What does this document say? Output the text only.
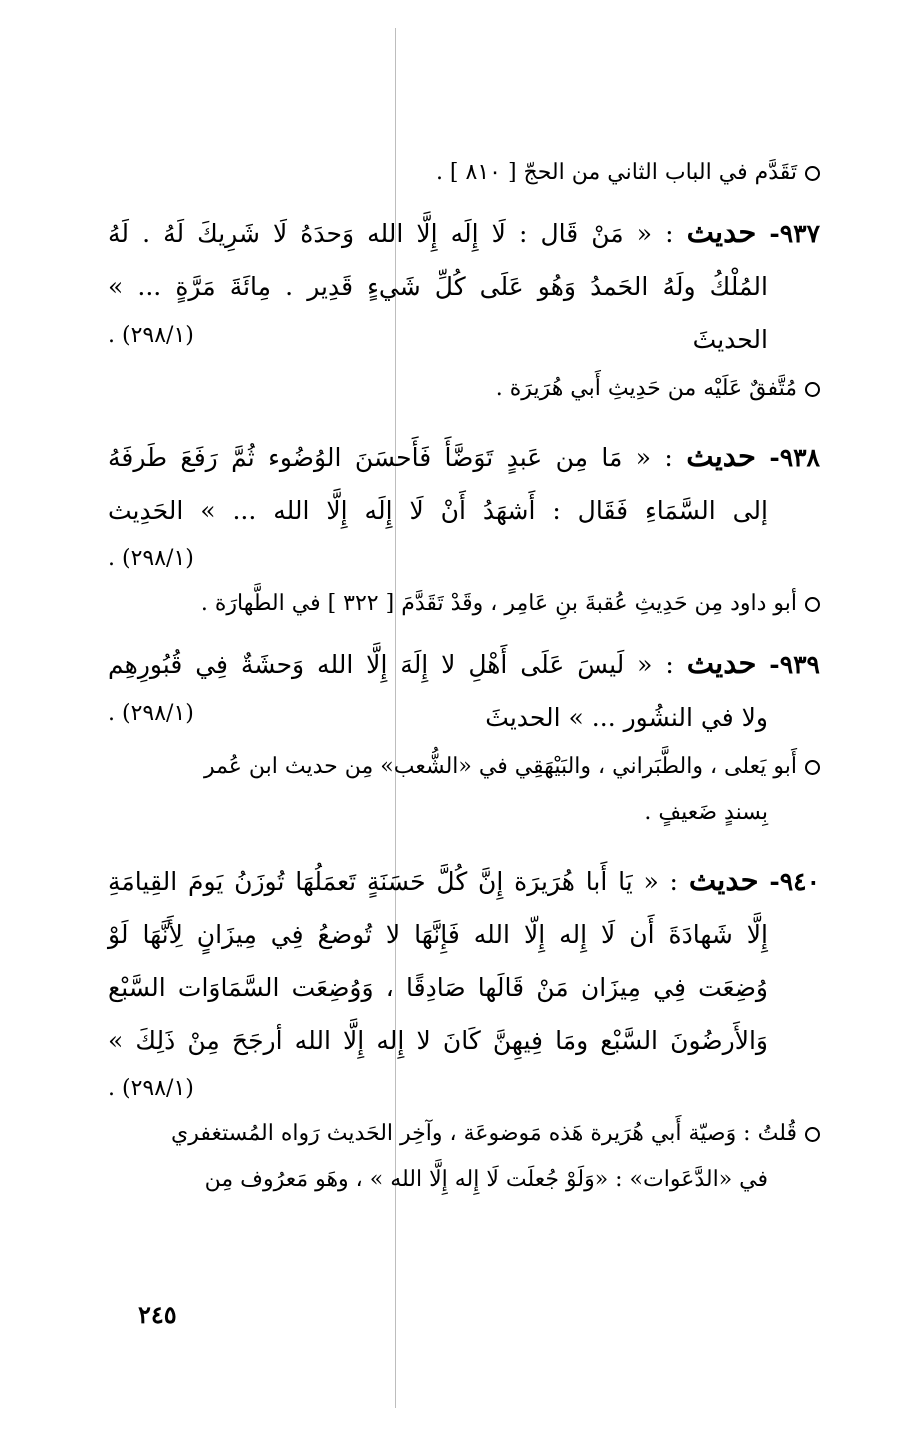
تَقَدَّم في الباب الثاني من الحجّ [ ٨١٠ ] .
٩٣٧- حديث : « مَنْ قَال : لَا إِلَه إِلَّا الله وَحدَهُ لَا شَرِيكَ لَهُ . لَهُ
المُلْكُ ولَهُ الحَمدُ وَهُو عَلَى كُلِّ شَيءٍ قَدِير . مِائَةَ مَرَّةٍ ... »
الحديثَ
(٢٩٨/١) .
مُتَّفقٌ عَلَيْه من حَدِيثِ أَبي هُرَيرَة .
٩٣٨- حديث : « مَا مِن عَبدٍ تَوَضَّأَ فَأَحسَنَ الوُضُوء ثُمَّ رَفَعَ طَرفَهُ
إلى السَّمَاءِ فَقَال : أَشهَدُ أَنْ لَا إِلَه إِلَّا الله ... » الحَدِيث
(٢٩٨/١) .
أبو داود مِن حَدِيثِ عُقبةَ بنِ عَامِر ، وقَدْ تَقَدَّمَ [ ٣٢٢ ] في الطَّهارَة .
٩٣٩- حديث : « لَيسَ عَلَى أَهْلِ لا إِلَهَ إِلَّا الله وَحشَةٌ فِي قُبُورِهِم
ولا في النشُور ... » الحديثَ
(٢٩٨/١) .
أَبو يَعلى ، والطَّبَراني ، والبَيْهَقِي في «الشُّعب» مِن حديث ابن عُمر
بِسندٍ ضَعيفٍ .
٩٤٠- حديث : « يَا أَبا هُرَيرَة إِنَّ كُلَّ حَسَنَةٍ تَعمَلُهَا تُوزَنُ يَومَ القِيامَةِ
إِلَّا شَهادَةَ أَن لَا إِله إِلّا الله فَإِنَّهَا لا تُوضعُ فِي مِيزَانٍ لِأَنَّهَا لَوْ
وُضِعَت فِي مِيزَان مَنْ قَالَها صَادِقًا ، وَوُضِعَت السَّمَاوَات السَّبْع
وَالأَرضُونَ السَّبْع ومَا فِيهِنَّ كَانَ لا إِله إِلَّا الله أرجَحَ مِنْ ذَلِكَ »
(٢٩٨/١) .
قُلتُ : وَصيّة أَبي هُرَيرة هَذه مَوضوعَة ، وآخِر الحَديث رَواه المُستغفري
في «الدَّعَوات» : «وَلَوْ جُعلَت لَا إِله إِلَّا الله » ، وهَو مَعرُوف مِن
٢٤٥
